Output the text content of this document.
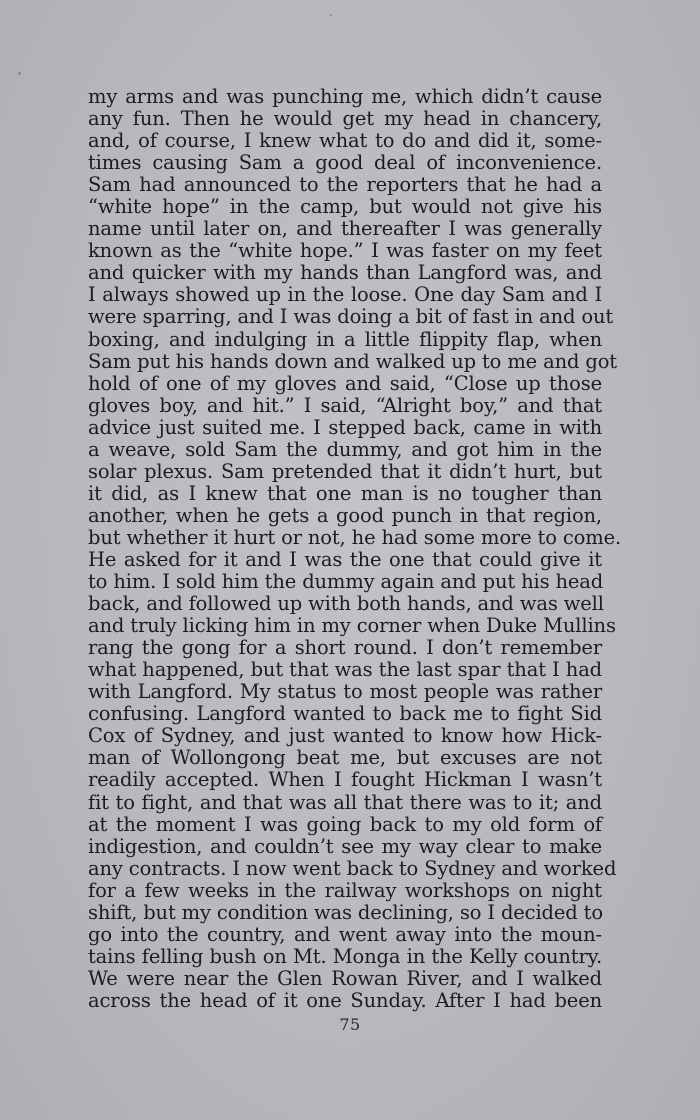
my arms and was punching me, which didn’t cause
any fun. Then he would get my head in chancery,
and, of course, I knew what to do and did it, some-
times causing Sam a good deal of inconvenience.
Sam had announced to the reporters that he had a
“white hope” in the camp, but would not give his
name until later on, and thereafter I was generally
known as the “white hope.” I was faster on my feet
and quicker with my hands than Langford was, and
I always showed up in the loose. One day Sam and I
were sparring, and I was doing a bit of fast in and out
boxing, and indulging in a little flippity flap, when
Sam put his hands down and walked up to me and got
hold of one of my gloves and said, “Close up those
gloves boy, and hit.” I said, “Alright boy,” and that
advice just suited me. I stepped back, came in with
a weave, sold Sam the dummy, and got him in the
solar plexus. Sam pretended that it didn’t hurt, but
it did, as I knew that one man is no tougher than
another, when he gets a good punch in that region,
but whether it hurt or not, he had some more to come.
He asked for it and I was the one that could give it
to him. I sold him the dummy again and put his head
back, and followed up with both hands, and was well
and truly licking him in my corner when Duke Mullins
rang the gong for a short round. I don’t remember
what happened, but that was the last spar that I had
with Langford. My status to most people was rather
confusing. Langford wanted to back me to fight Sid
Cox of Sydney, and just wanted to know how Hick-
man of Wollongong beat me, but excuses are not
readily accepted. When I fought Hickman I wasn’t
fit to fight, and that was all that there was to it; and
at the moment I was going back to my old form of
indigestion, and couldn’t see my way clear to make
any contracts. I now went back to Sydney and worked
for a few weeks in the railway workshops on night
shift, but my condition was declining, so I decided to
go into the country, and went away into the moun-
tains felling bush on Mt. Monga in the Kelly country.
We were near the Glen Rowan River, and I walked
across the head of it one Sunday. After I had been
75
